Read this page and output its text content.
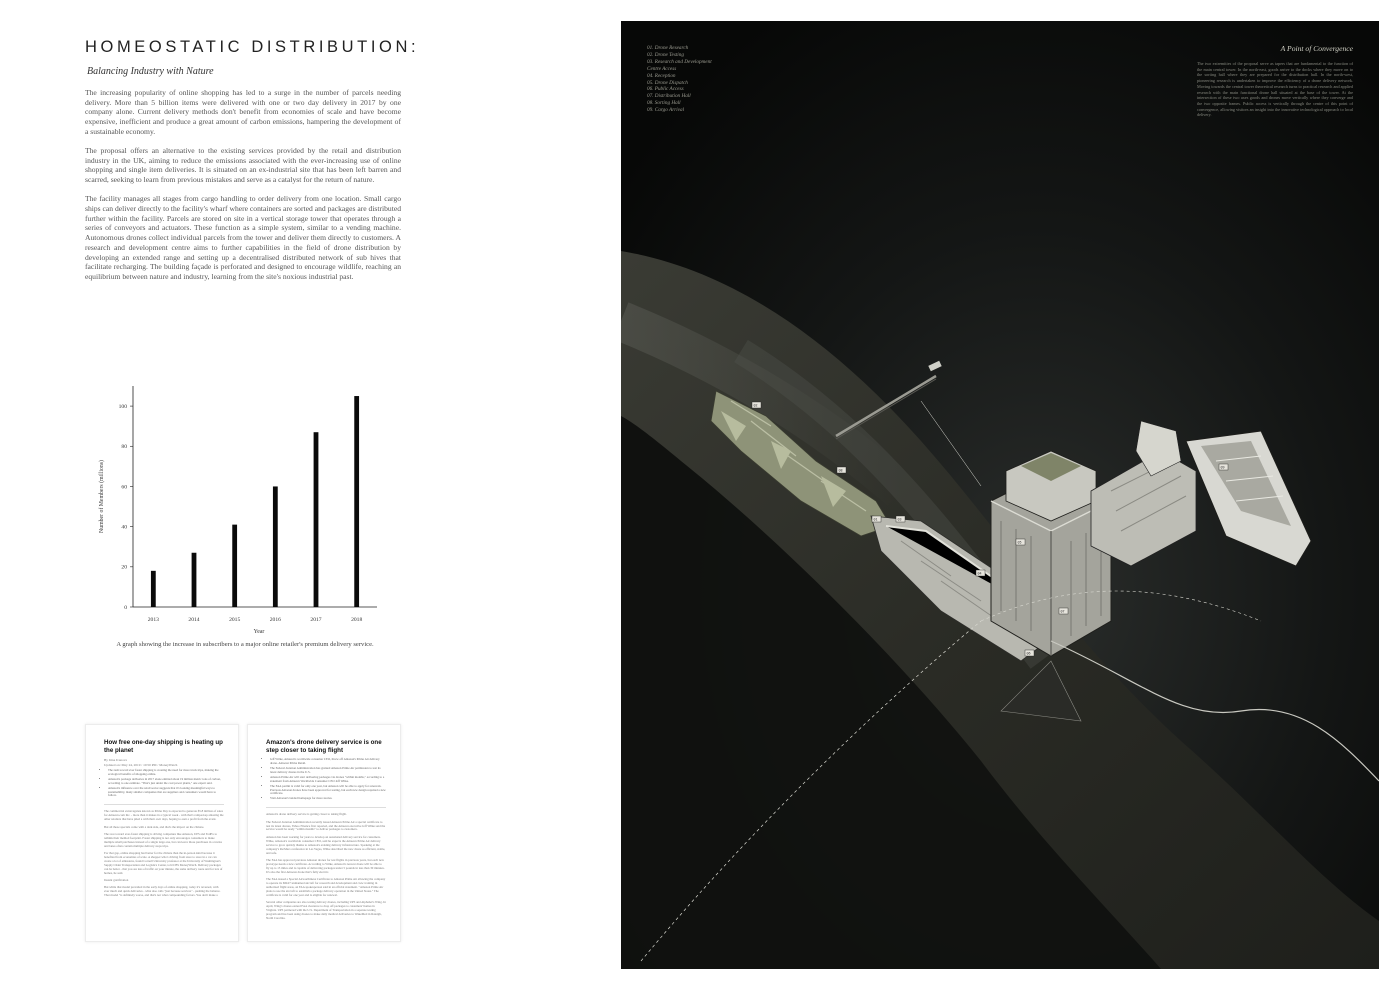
HOMEOSTATIC DISTRIBUTION:
Balancing Industry with Nature

The increasing popularity of online shopping has led to a surge in the number of parcels needing delivery. More than 5 billion items were delivered with one or two day delivery in 2017 by one company alone. Current delivery methods don't benefit from economies of scale and have become expensive, inefficient and produce a great amount of carbon emissions, hampering the development of a sustainable economy.

The proposal offers an alternative to the existing services provided by the retail and distribution industry in the UK, aiming to reduce the emissions associated with the ever-increasing use of online shopping and single item deliveries. It is situated on an ex-industrial site that has been left barren and scarred, seeking to learn from previous mistakes and serve as a catalyst for the return of nature.

The facility manages all stages from cargo handling to order delivery from one location. Small cargo ships can deliver directly to the facility's wharf where containers are sorted and packages are distributed further within the facility. Parcels are stored on site in a vertical storage tower that operates through a series of conveyors and actuators. These function as a simple system, similar to a vending machine. Autonomous drones collect individual parcels from the tower and deliver them directly to customers. A research and development centre aims to further capabilities in the field of drone distribution by developing an extended range and setting up a decentralised distributed network of sub hives that facilitate recharging. The building façade is perforated and designed to encourage wildlife, reaching an equilibrium between nature and industry, learning from the site's noxious industrial past.

0
20
40
60
80
100
2013	2014	2015	2016	2017	2018
Year
Number of Members (millions)
A graph showing the increase in subscribers to a major online retailer's premium delivery service.
How free one-day shipping is heating up the planet
By Irina Ivanova
Updated on: May 24, 2019 / 10:50 PM / MoneyWatch
• The rush toward ever faster shipping is creating the need for more truck trips, making the ecological benefits of shopping online.
• Amazon's package deliveries in 2017 alone emitted about 19 million metric tons of carbon, according to one estimate. "That's just under the coal power plants," one expert said.
• Amazon's influence over the retail sector suggests that it's looking meaningful ways to sustainability, many smaller companies that are suppliers and consumers would have to follow.
The commercial extravaganza known as Prime Day is expected to generate $5.8 million of sales for Amazon.com Inc. - more than it makes in a typical week - with that's ramped-up amazing the other retailers that have piled a with their own days, hoping to earn a profit from the event.
But all those specials come with a dark side, and that's the impact on the climate.
The race toward ever-faster shipping is driving companies like Amazon, UPS and FedEx to rethink their method footprint. Faster shipping is not only encourages consumers to make multiple small purchases instead of a single large one, but can leave those purchases in a trucks and lanes often contain multiple delivery stops trips.
For that gap, online shopping had better for the climate than the in-person kind because it benefited from economies of scale. A shopper who's driving from store to store in a car can create a lot of emissions, found Cornell University professor at the University of Washington's Supply Chain Transportation and Logistics Center, told CBS MoneyWatch. Delivery packages can be better - that you are less of traffic on your minute, the same delivery route and for lots of homes, he said.
Instant gratification
But while that model prevailed in the early days of online shopping, today it's reversed, with ever much and quick deliveries - what also calls "just because services" - pushing the balance. That model "is definitely worse, and that's not what compounding factors. You don't make a
Amazon's drone delivery service is one step closer to taking flight
• Jeff Wilke, Amazon's worldwide consumer CEO, threw off Amazon's Prime Air delivery drone. Amazon Prime Retail.
• The Federal Aviation Administration has granted Amazon Prime Air permission to test its latest delivery drones in the U.S.
• Amazon Prime Air will start delivering packages via drones "within months," according to a statement from Amazon Worldwide Consumer CEO Jeff Wilke.
• The FAA permit is valid for only one year, but Amazon will be able to apply for renewals. Previous Amazon drones have been approved for testing, but each new design required a new certificate.
• Visit Amazon's landed homepage for more stories.
Amazon's drone delivery service is getting closer to taking flight.
The Federal Aviation Administration recently issued Amazon Prime Air a special certificate to test its latest drones, Yahoo Finance first reported, and the Amazon executive Jeff Wilke said the service would be ready "within months" to deliver packages to customers.
Amazon has been working for years to develop an automated delivery service for customers. Wilke, Amazon's worldwide consumer CEO, said he expects the Amazon Prime Air delivery service to grow quickly thanks to Amazon's existing delivery infrastructure. Speaking at the company's Re:Mars conference in Las Vegas, Wilke described the new drone as efficient, stable, and safe.
The FAA has approved previous Amazon drones for test flights in previous years, but each new prototype needs a new certificate. According to Wilke, Amazon's newest drone will be able to fly up to 15 miles and is capable of delivering packages under 5 pounds in less than 30 minutes. It's also the first Amazon drone that's fully electric.
The FAA issued a Special Airworthiness Certificate to Amazon Prime Air allowing the company to operate its MK27 unmanned aircraft for research and development and crew training in authorized flight areas, an FAA spokesperson said in an official statement. "Amazon Prime Air plans to use the aircraft to establish a package delivery operation in the United States." The certificate is valid for one year and is eligible for renewal.
Several other companies are also testing delivery drones, including UPS and Alphabet's Wing. In April, Wing's drones earned FAA clearance to drop off packages to customers' homes in Virginia. UPS partnered with the U.S. Department of Transportation in a separate testing program and has been using drones to make daily medical deliveries to WakeMed in Raleigh, North Carolina.
02
08
01	03
04
05
06
07
09
01. Drone Research
02. Drone Testing
03. Research and Development
Centre Access
04. Reception
05. Drone Dispatch
06. Public Access
07. Distribution Hall
08. Sorting Hall
09. Cargo Arrival
A Point of Convergence
The two extremities of the proposal serve as tapers that are fundamental to the function of the main central tower. In the north-east, goods arrive to the docks where they move on to the sorting hall where they are prepared for the distribution hall. In the north-west, pioneering research is undertaken to improve the efficiency of a drone delivery network. Moving towards the central tower theoretical research turns to practical research and applied research with the main functional drone hall situated at the base of the tower. At the intersection of these two axes goods and drones move vertically where they converge and the two opposite frames. Public access is vertically through the centre of this point of convergence, allowing visitors an insight into the innovative technological approach to local delivery.
